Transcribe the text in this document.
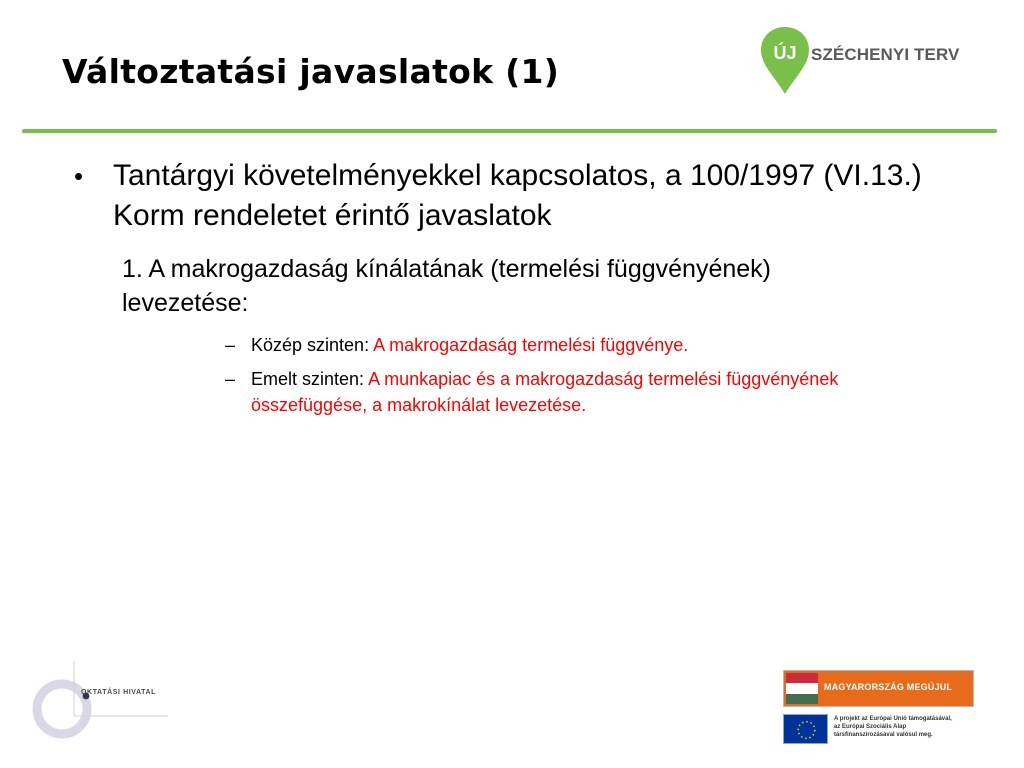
Változtatási javaslatok (1)	ÚJ SZÉCHENYI TERV
• Tantárgyi követelményekkel kapcsolatos, a 100/1997 (VI.13.) Korm rendeletet érintő javaslatok
1. A makrogazdaság kínálatának (termelési függvényének) levezetése:
– Közép szinten: A makrogazdaság termelési függvénye.
– Emelt szinten: A munkapiac és a makrogazdaság termelési függvényének összefüggése, a makrokínálat levezetése.
OKTATÁSI HIVATAL
MAGYARORSZÁG MEGÚJUL
A projekt az Európai Unió támogatásával,
az Európai Szociális Alap
társfinanszírozásával valósul meg.
